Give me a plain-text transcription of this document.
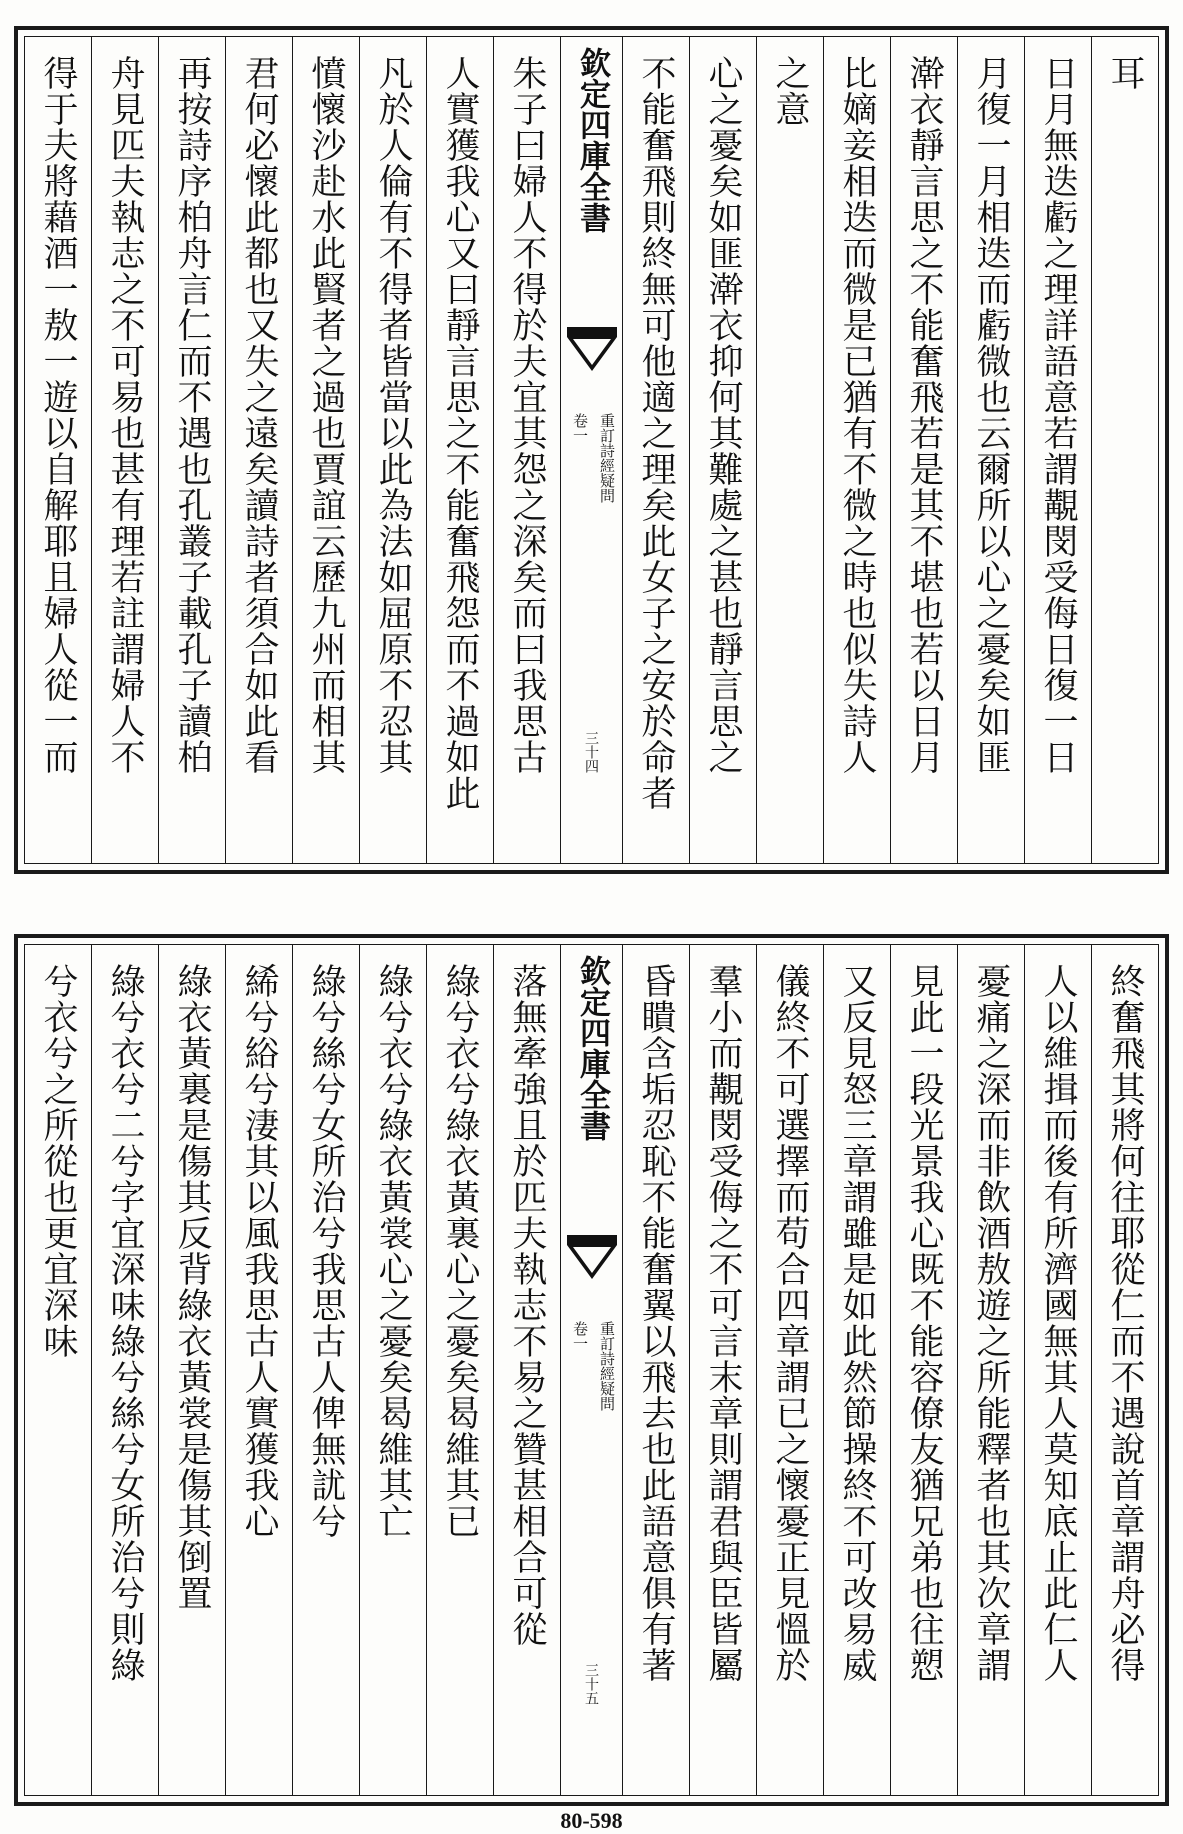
耳
日月無迭虧之理詳語意若謂覯閔受侮日復一日
月復一月相迭而虧微也云爾所以心之憂矣如匪
澣衣靜言思之不能奮飛若是其不堪也若以日月
比嫡妾相迭而微是已猶有不微之時也似失詩人
之意
心之憂矣如匪澣衣抑何其難處之甚也靜言思之
不能奮飛則終無可他適之理矣此女子之安於命者
欽定四庫全書
重訂詩經疑問
卷一
三十四
朱子曰婦人不得於夫宜其怨之深矣而曰我思古
人實獲我心又曰靜言思之不能奮飛怨而不過如此
凡於人倫有不得者皆當以此為法如屈原不忍其
憤懷沙赴水此賢者之過也賈誼云歷九州而相其
君何必懷此都也又失之遠矣讀詩者須合如此看
再按詩序柏舟言仁而不遇也孔叢子載孔子讀柏
舟見匹夫執志之不可易也甚有理若註謂婦人不
得于夫將藉酒一敖一遊以自解耶且婦人從一而
終奮飛其將何往耶從仁而不遇說首章謂舟必得
人以維揖而後有所濟國無其人莫知底止此仁人
憂痛之深而非飲酒敖遊之所能釋者也其次章謂
見此一段光景我心既不能容僚友猶兄弟也往愬
又反見怒三章謂雖是如此然節操終不可改易威
儀終不可選擇而苟合四章謂已之懷憂正見慍於
羣小而覯閔受侮之不可言末章則謂君與臣皆屬
昏瞶含垢忍恥不能奮翼以飛去也此語意俱有著
欽定四庫全書
重訂詩經疑問
卷一
三十五
落無牽強且於匹夫執志不易之贊甚相合可從
綠兮衣兮綠衣黃裏心之憂矣曷維其已
綠兮衣兮綠衣黃裳心之憂矣曷維其亡
綠兮絲兮女所治兮我思古人俾無訧兮
絺兮綌兮淒其以風我思古人實獲我心
綠衣黃裏是傷其反背綠衣黃裳是傷其倒置
綠兮衣兮二兮字宜深味綠兮絲兮女所治兮則綠
兮衣兮之所從也更宜深味
80-598
